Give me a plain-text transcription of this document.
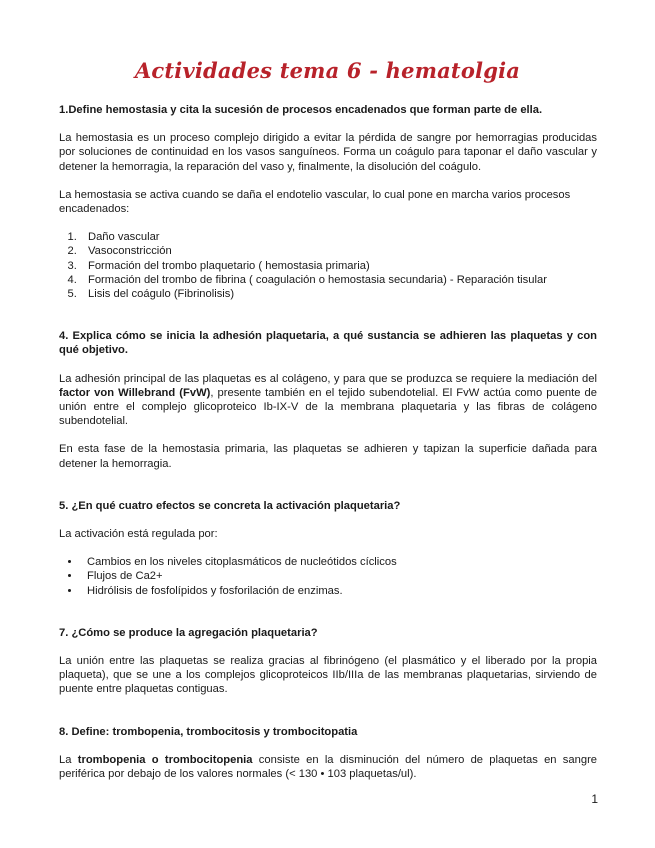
Actividades tema 6 - hematolgia

1.Define hemostasia y cita la sucesión de procesos encadenados que forman parte de ella.

La hemostasia es un proceso complejo dirigido a evitar la pérdida de sangre por hemorragias producidas por soluciones de continuidad en los vasos sanguíneos. Forma un coágulo para taponar el daño vascular y detener la hemorragia, la reparación del vaso y, finalmente, la disolución del coágulo.

La hemostasia se activa cuando se daña el endotelio vascular, lo cual pone en marcha varios procesos encadenados:

1. Daño vascular
2. Vasoconstricción
3. Formación del trombo plaquetario ( hemostasia primaria)
4. Formación del trombo de fibrina ( coagulación o hemostasia secundaria) - Reparación tisular
5. Lisis del coágulo (Fibrinolisis)

4. Explica cómo se inicia la adhesión plaquetaria, a qué sustancia se adhieren las plaquetas y con qué objetivo.

La adhesión principal de las plaquetas es al colágeno, y para que se produzca se requiere la mediación del factor von Willebrand (FvW), presente también en el tejido subendotelial. El FvW actúa como puente de unión entre el complejo glicoproteico Ib-IX-V de la membrana plaquetaria y las fibras de colágeno subendotelial.

En esta fase de la hemostasia primaria, las plaquetas se adhieren y tapizan la superficie dañada para detener la hemorragia.

5. ¿En qué cuatro efectos se concreta la activación plaquetaria?

La activación está regulada por:

• Cambios en los niveles citoplasmáticos de nucleótidos cíclicos
• Flujos de Ca2+
• Hidrólisis de fosfolípidos y fosforilación de enzimas.

7. ¿Cómo se produce la agregación plaquetaria?

La unión entre las plaquetas se realiza gracias al fibrinógeno (el plasmático y el liberado por la propia plaqueta), que se une a los complejos glicoproteicos IIb/IIIa de las membranas plaquetarias, sirviendo de puente entre plaquetas contiguas.

8. Define: trombopenia, trombocitosis y trombocitopatia

La trombopenia o trombocitopenia consiste en la disminución del número de plaquetas en sangre periférica por debajo de los valores normales (< 130 • 103 plaquetas/ul).

1
